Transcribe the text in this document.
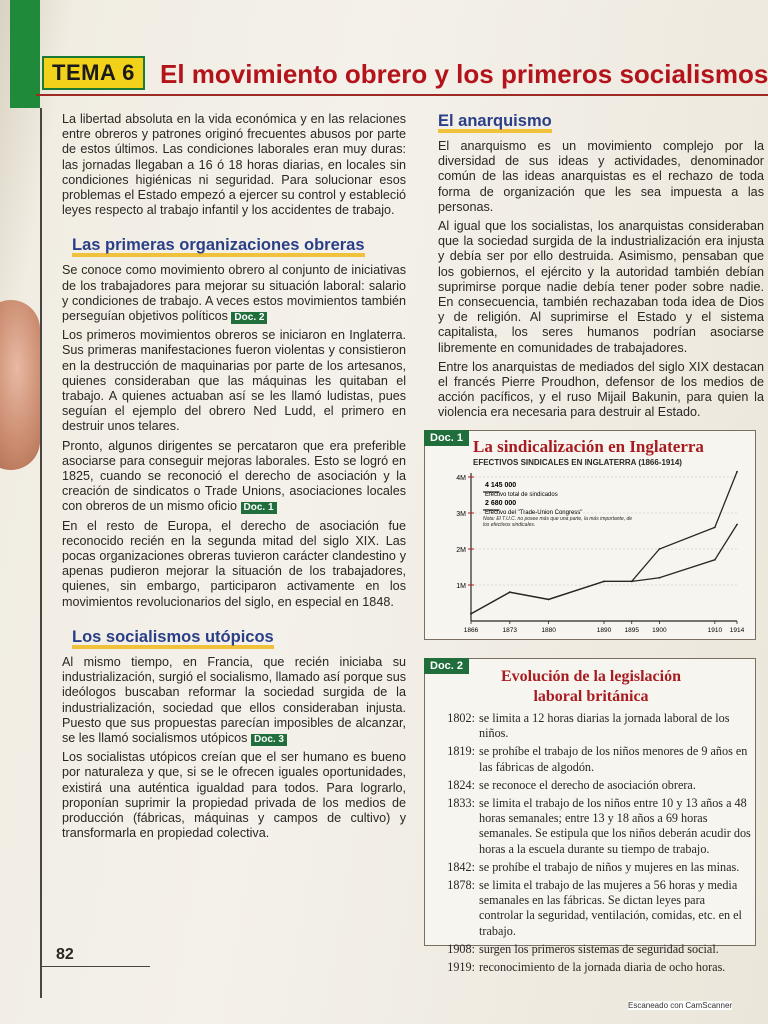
TEMA 6 El movimiento obrero y los primeros socialismos

La libertad absoluta en la vida económica y en las relaciones entre obreros y patrones originó frecuentes abusos por parte de estos últimos. Las condiciones laborales eran muy duras: las jornadas llegaban a 16 ó 18 horas diarias, en locales sin condiciones higiénicas ni seguridad. Para solucionar esos problemas el Estado empezó a ejercer su control y estableció leyes respecto al trabajo infantil y los accidentes de trabajo.

Las primeras organizaciones obreras

Se conoce como movimiento obrero al conjunto de iniciativas de los trabajadores para mejorar su situación laboral: salario y condiciones de trabajo. A veces estos movimientos también perseguían objetivos políticos Doc. 2

Los primeros movimientos obreros se iniciaron en Inglaterra. Sus primeras manifestaciones fueron violentas y consistieron en la destrucción de maquinarias por parte de los artesanos, quienes consideraban que las máquinas les quitaban el trabajo. A quienes actuaban así se les llamó ludistas, pues seguían el ejemplo del obrero Ned Ludd, el primero en destruir unos telares.

Pronto, algunos dirigentes se percataron que era preferible asociarse para conseguir mejoras laborales. Esto se logró en 1825, cuando se reconoció el derecho de asociación y la creación de sindicatos o Trade Unions, asociaciones locales con obreros de un mismo oficio Doc. 1

En el resto de Europa, el derecho de asociación fue reconocido recién en la segunda mitad del siglo XIX. Las pocas organizaciones obreras tuvieron carácter clandestino y apenas pudieron mejorar la situación de los trabajadores, quienes, sin embargo, participaron activamente en los movimientos revolucionarios del siglo, en especial en 1848.

Los socialismos utópicos

Al mismo tiempo, en Francia, que recién iniciaba su industrialización, surgió el socialismo, llamado así porque sus ideólogos buscaban reformar la sociedad surgida de la industrialización, sociedad que ellos consideraban injusta. Puesto que sus propuestas parecían imposibles de alcanzar, se les llamó socialismos utópicos Doc. 3

Los socialistas utópicos creían que el ser humano es bueno por naturaleza y que, si se le ofrecen iguales oportunidades, existirá una auténtica igualdad para todos. Para lograrlo, proponían suprimir la propiedad privada de los medios de producción (fábricas, máquinas y campos de cultivo) y transformarla en propiedad colectiva.

El anarquismo

El anarquismo es un movimiento complejo por la diversidad de sus ideas y actividades, denominador común de las ideas anarquistas es el rechazo de toda forma de organización que les sea impuesta a las personas.

Al igual que los socialistas, los anarquistas consideraban que la sociedad surgida de la industrialización era injusta y debía ser por ello destruida. Asimismo, pensaban que los gobiernos, el ejército y la autoridad también debían suprimirse porque nadie debía tener poder sobre nadie. En consecuencia, también rechazaban toda idea de Dios y de religión. Al suprimirse el Estado y el sistema capitalista, los seres humanos podrían asociarse libremente en comunidades de trabajadores.

Entre los anarquistas de mediados del siglo XIX destacan el francés Pierre Proudhon, defensor de los medios de acción pacíficos, y el ruso Mijail Bakunin, para quien la violencia era necesaria para destruir al Estado.

Doc. 1 La sindicalización en Inglaterra
EFECTIVOS SINDICALES EN INGLATERRA (1866-1914)
1M
2M
3M
4M
1866	1873	1880	1890 1895 1900	1910 1914
4 145 000
Efectivo total de sindicados
2 680 000
Efectivo del "Trade-Union Congress"
Nota: El T.U.C. no posee más que una parte, la más importante, de los efectivos sindicales.
Doc. 2
Evolución de la legislación
laboral británica
1802: se limita a 12 horas diarias la jornada laboral de los niños.
1819: se prohíbe el trabajo de los niños menores de 9 años en las fábricas de algodón.
1824: se reconoce el derecho de asociación obrera.
1833: se limita el trabajo de los niños entre 10 y 13 años a 48 horas semanales; entre 13 y 18 años a 69 horas semanales. Se estipula que los niños deberán acudir dos horas a la escuela durante su tiempo de trabajo.
1842: se prohíbe el trabajo de niños y mujeres en las minas.
1878: se limita el trabajo de las mujeres a 56 horas y media semanales en las fábricas. Se dictan leyes para controlar la seguridad, ventilación, comidas, etc. en el trabajo.
1908: surgen los primeros sistemas de seguridad social.
1919: reconocimiento de la jornada diaria de ocho horas.
82
Escaneado con CamScanner
